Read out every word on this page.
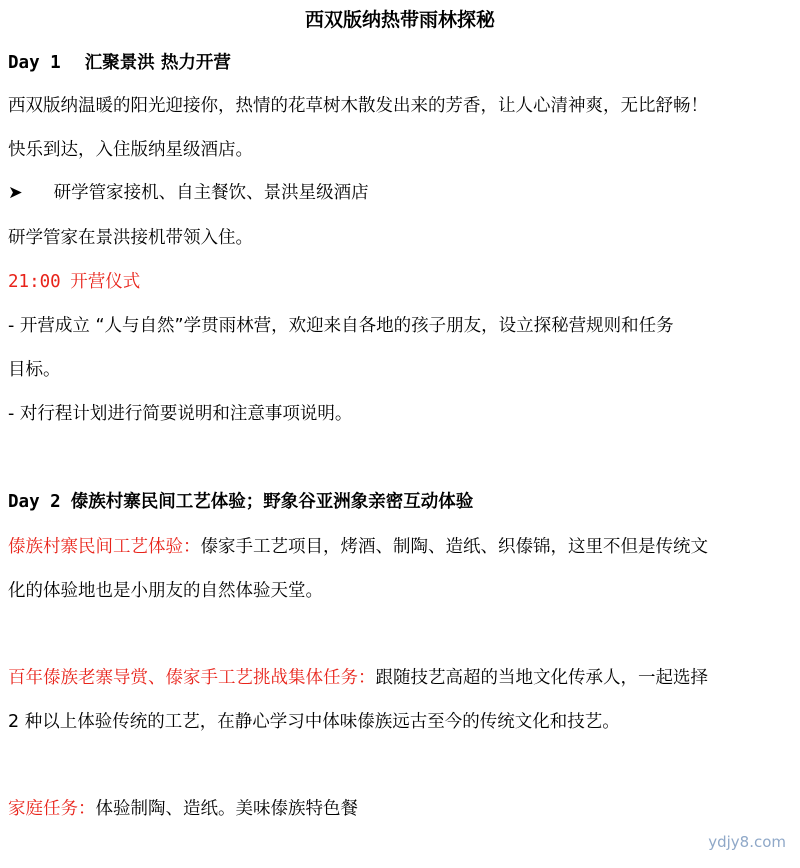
西双版纳热带雨林探秘
Day 1 汇聚景洪 热力开营
西双版纳温暖的阳光迎接你，热情的花草树木散发出来的芳香，让人心清神爽，无比舒畅！
快乐到达，入住版纳星级酒店。
➤ 研学管家接机、自主餐饮、景洪星级酒店
研学管家在景洪接机带领入住。
21:00 开营仪式
- 开营成立 “人与自然”学贯雨林营，欢迎来自各地的孩子朋友，设立探秘营规则和任务
目标。
- 对行程计划进行简要说明和注意事项说明。
Day 2 傣族村寨民间工艺体验；野象谷亚洲象亲密互动体验
傣族村寨民间工艺体验：傣家手工艺项目，烤酒、制陶、造纸、织傣锦，这里不但是传统文
化的体验地也是小朋友的自然体验天堂。
百年傣族老寨导赏、傣家手工艺挑战集体任务：跟随技艺高超的当地文化传承人，一起选择
2 种以上体验传统的工艺，在静心学习中体味傣族远古至今的传统文化和技艺。
家庭任务：体验制陶、造纸。美味傣族特色餐
ydjy8.com
